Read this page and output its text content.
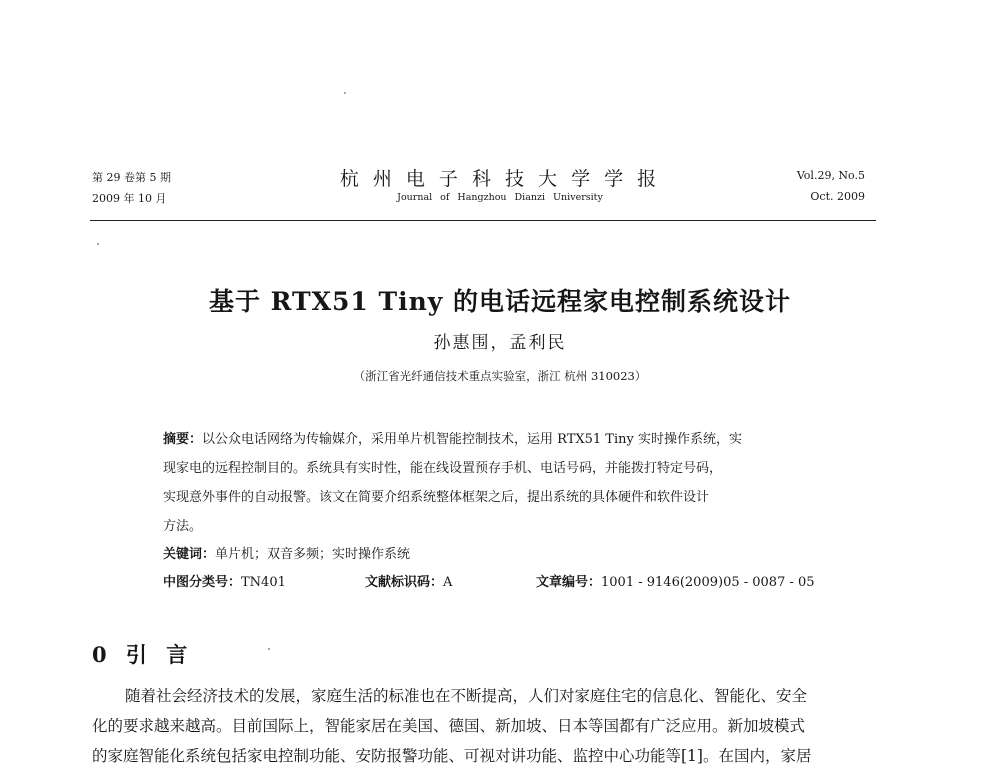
第 29 卷第 5 期
2009 年 10 月
杭 州 电 子 科 技 大 学 学 报
Journal of Hangzhou Dianzi University
Vol.29, No.5
Oct. 2009
基于 RTX51 Tiny 的电话远程家电控制系统设计
孙惠围，孟利民
（浙江省光纤通信技术重点实验室，浙江 杭州 310023）
摘要：以公众电话网络为传输媒介，采用单片机智能控制技术，运用 RTX51 Tiny 实时操作系统，实
现家电的远程控制目的。系统具有实时性，能在线设置预存手机、电话号码，并能拨打特定号码，
实现意外事件的自动报警。该文在简要介绍系统整体框架之后，提出系统的具体硬件和软件设计
方法。
关键词：单片机；双音多频；实时操作系统
中图分类号：TN401	文献标识码：A	文章编号：1001 - 9146(2009)05 - 0087 - 05
0 引 言
随着社会经济技术的发展，家庭生活的标准也在不断提高，人们对家庭住宅的信息化、智能化、安全
化的要求越来越高。目前国际上，智能家居在美国、德国、新加坡、日本等国都有广泛应用。新加坡模式
的家庭智能化系统包括家电控制功能、安防报警功能、可视对讲功能、监控中心功能等[1]。在国内，家居
